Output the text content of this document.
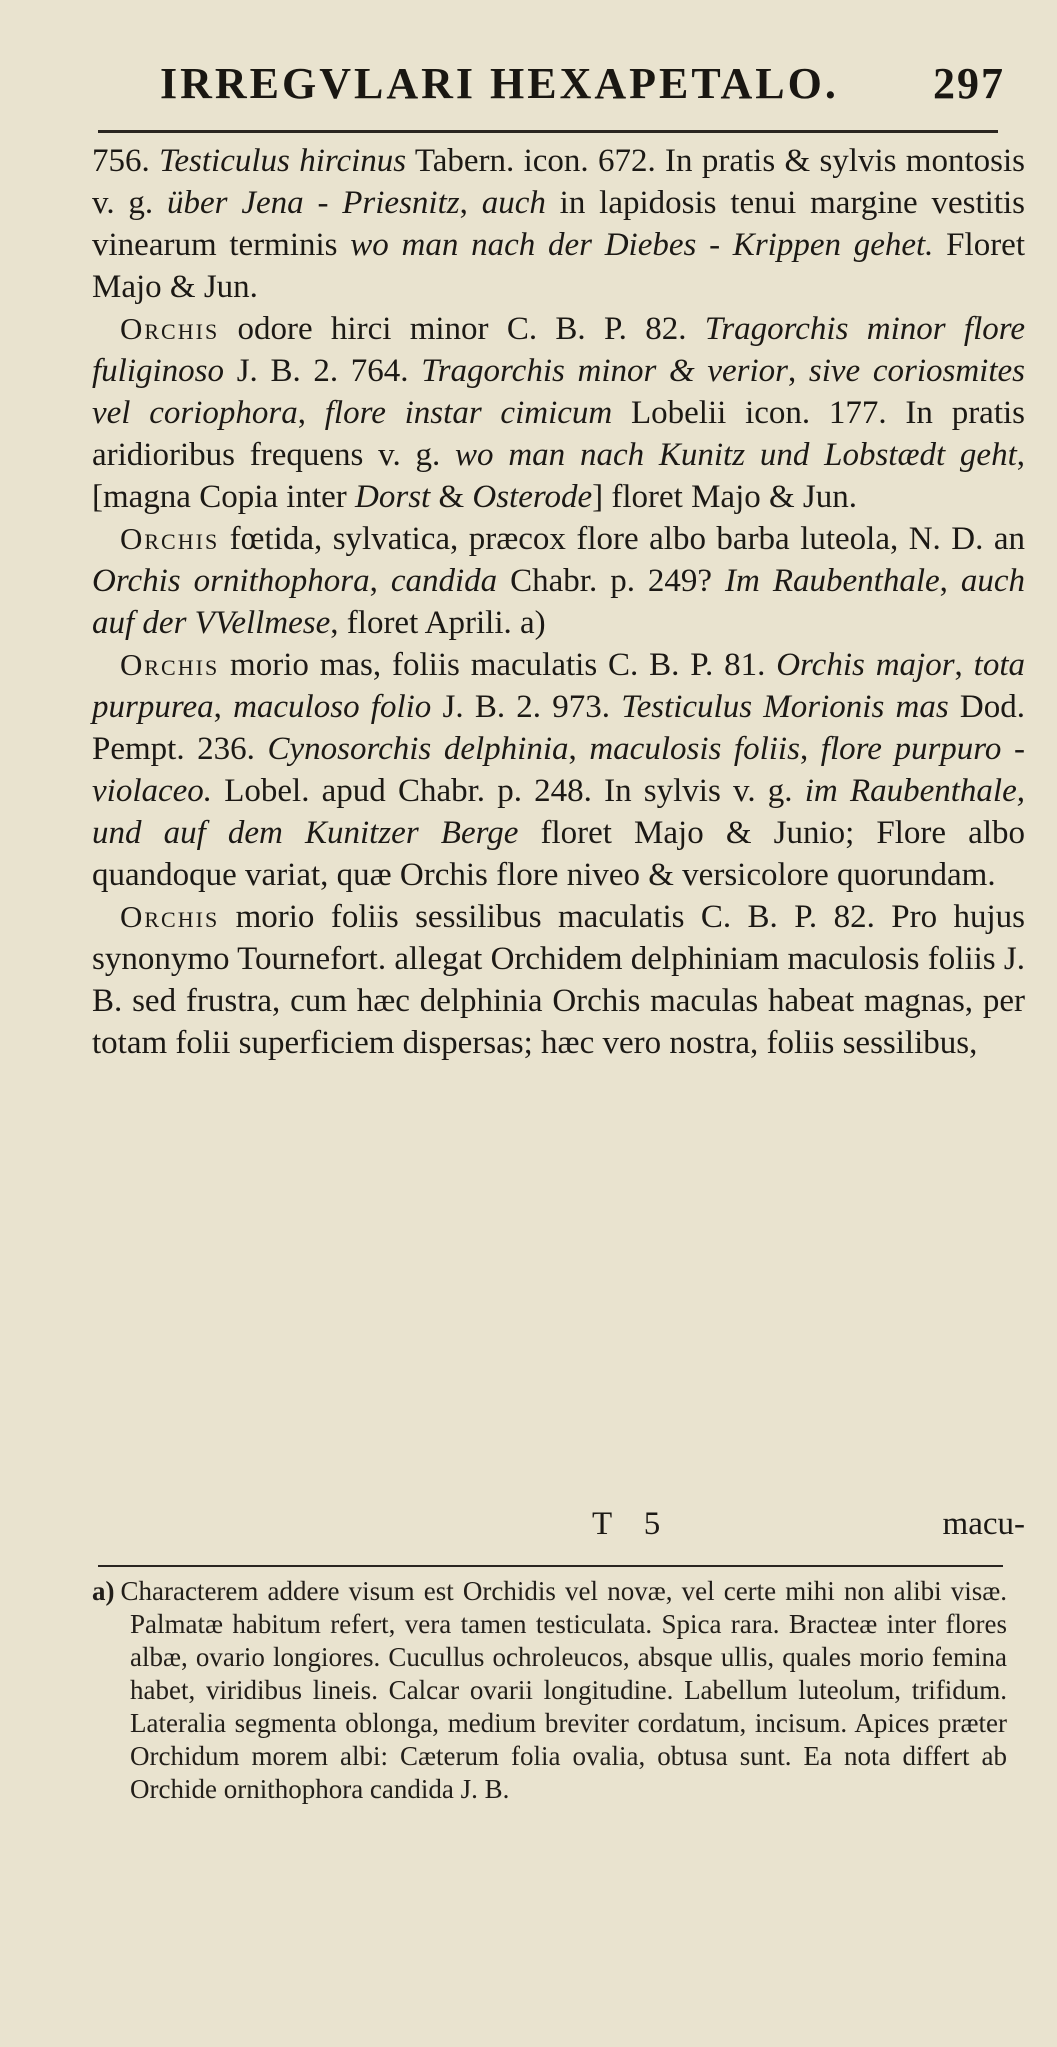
IRREGVLARI HEXAPETALO. 297

756. Testiculus hircinus Tabern. icon. 672. In pratis & sylvis montosis v. g. über Jena - Priesnitz, auch in lapidosis tenui margine vestitis vinearum terminis wo man nach der Diebes - Krippen gehet. Floret Majo & Jun.

Orchis odore hirci minor C. B. P. 82. Tragorchis minor flore fuliginoso J. B. 2. 764. Tragorchis minor & verior, sive coriosmites vel coriophora, flore instar cimicum Lobelii icon. 177. In pratis aridioribus frequens v. g. wo man nach Kunitz und Lobstædt geht, [magna Copia inter Dorst & Osterode] floret Majo & Jun.

Orchis fœtida, sylvatica, præcox flore albo barba luteola, N. D. an Orchis ornithophora, candida Chabr. p. 249? Im Raubenthale, auch auf der VVellmese, floret Aprili. a)

Orchis morio mas, foliis maculatis C. B. P. 81. Orchis major, tota purpurea, maculoso folio J. B. 2. 973. Testiculus Morionis mas Dod. Pempt. 236. Cynosorchis delphinia, maculosis foliis, flore purpuro - violaceo. Lobel. apud Chabr. p. 248. In sylvis v. g. im Raubenthale, und auf dem Kunitzer Berge floret Majo & Junio; Flore albo quandoque variat, quæ Orchis flore niveo & versicolore quorundam.

Orchis morio foliis sessilibus maculatis C. B. P. 82. Pro hujus synonymo Tournefort. allegat Orchidem delphiniam maculosis foliis J. B. sed frustra, cum hæc delphinia Orchis maculas habeat magnas, per totam folii superficiem dispersas; hæc vero nostra, foliis sessilibus,

T 5	macu-
a) Characterem addere visum est Orchidis vel novæ, vel certe mihi non alibi visæ. Palmatæ habitum refert, vera tamen testiculata. Spica rara. Bracteæ inter flores albæ, ovario longiores. Cucullus ochroleucos, absque ullis, quales morio femina habet, viridibus lineis. Calcar ovarii longitudine. Labellum luteolum, trifidum. Lateralia segmenta oblonga, medium breviter cordatum, incisum. Apices præter Orchidum morem albi: Cæterum folia ovalia, obtusa sunt. Ea nota differt ab Orchide ornithophora candida J. B.
